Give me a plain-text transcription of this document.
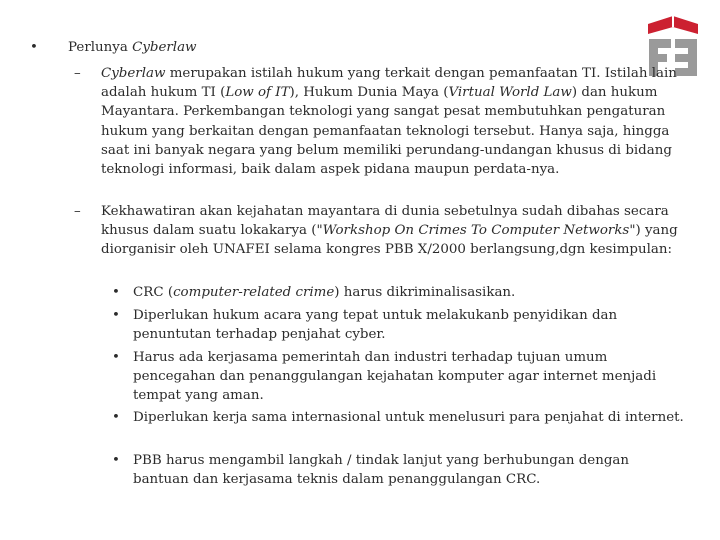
• Perlunya Cyberlaw
– Cyberlaw merupakan istilah hukum yang terkait dengan pemanfaatan TI. Istilah lain adalah hukum TI (Low of IT), Hukum Dunia Maya (Virtual World Law) dan hukum Mayantara. Perkembangan teknologi yang sangat pesat membutuhkan pengaturan hukum yang berkaitan dengan pemanfaatan teknologi tersebut. Hanya saja, hingga saat ini banyak negara yang belum memiliki perundang-undangan khusus di bidang teknologi informasi, baik dalam aspek pidana maupun perdata-nya.
– Kekhawatiran akan kejahatan mayantara di dunia sebetulnya sudah dibahas secara khusus dalam suatu lokakarya ("Workshop On Crimes To Computer Networks") yang diorganisir oleh UNAFEI selama kongres PBB X/2000 berlangsung,dgn kesimpulan:
• CRC (computer-related crime) harus dikriminalisasikan.
• Diperlukan hukum acara yang tepat untuk melakukanb penyidikan dan penuntutan terhadap penjahat cyber.
• Harus ada kerjasama pemerintah dan industri terhadap tujuan umum pencegahan dan penanggulangan kejahatan komputer agar internet menjadi tempat yang aman.
• Diperlukan kerja sama internasional untuk menelusuri para penjahat di internet.
• PBB harus mengambil langkah / tindak lanjut yang berhubungan dengan bantuan dan kerjasama teknis dalam penanggulangan CRC.
